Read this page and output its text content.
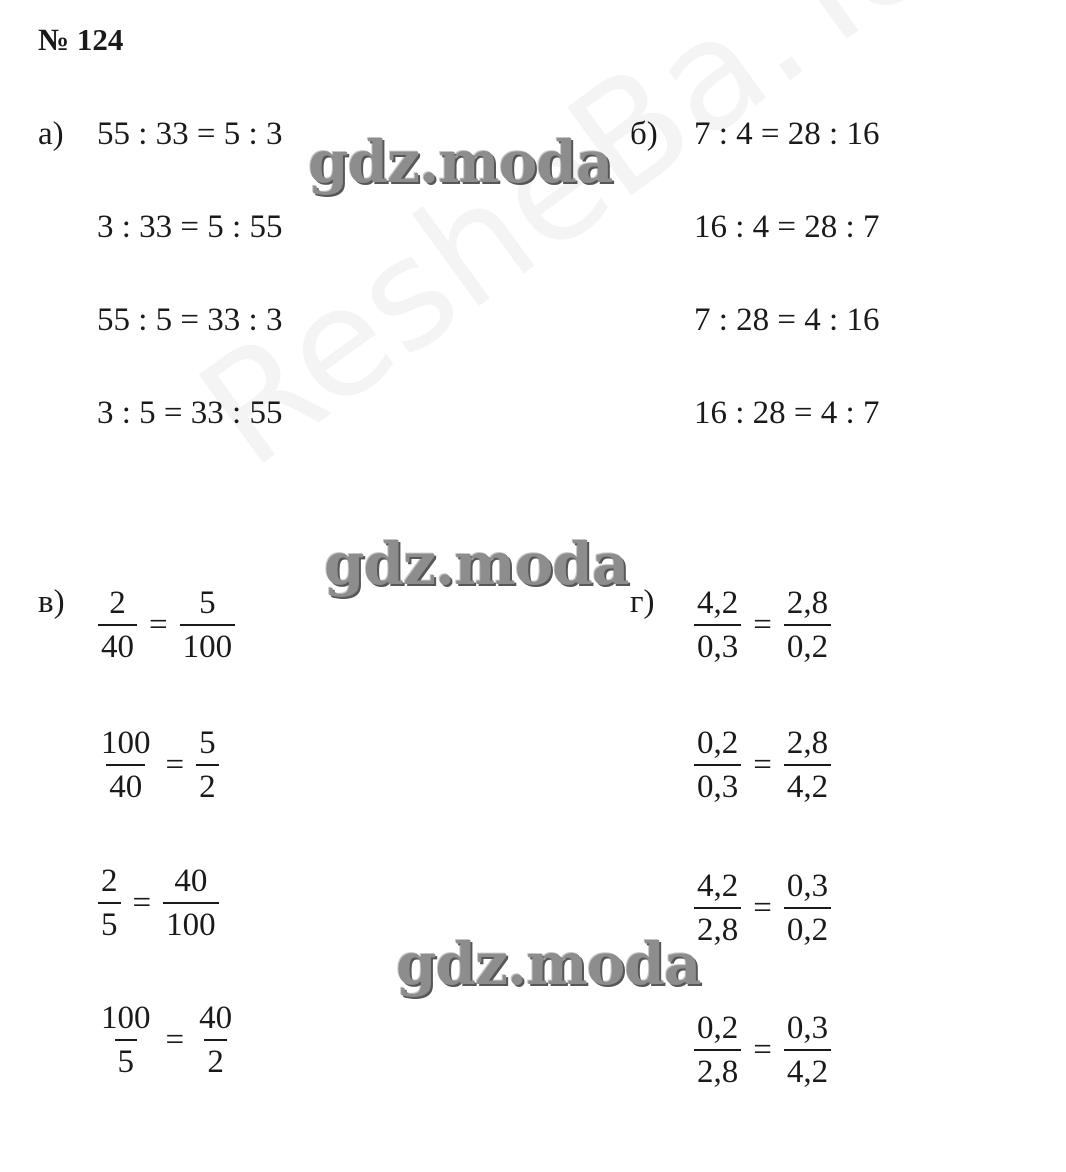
№ 124
а) 55 : 33 = 5 : 3
3 : 33 = 5 : 55
55 : 5 = 33 : 3
3 : 5 = 33 : 55
б) 7 : 4 = 28 : 16
16 : 4 = 28 : 7
7 : 28 = 4 : 16
16 : 28 = 4 : 7
$в) \frac{2}{40} = \frac{5}{100}$
$\frac{100}{40} = \frac{5}{2}$
$\frac{2}{5} = \frac{40}{100}$
$\frac{100}{5} = \frac{40}{2}$
$г) \frac{4,2}{0,3} = \frac{2,8}{0,2}$
$\frac{0,2}{0,3} = \frac{2,8}{4,2}$
$\frac{4,2}{2,8} = \frac{0,3}{0,2}$
$\frac{0,2}{2,8} = \frac{0,3}{4,2}$
gdz.moda
gdz.moda
gdz.moda
